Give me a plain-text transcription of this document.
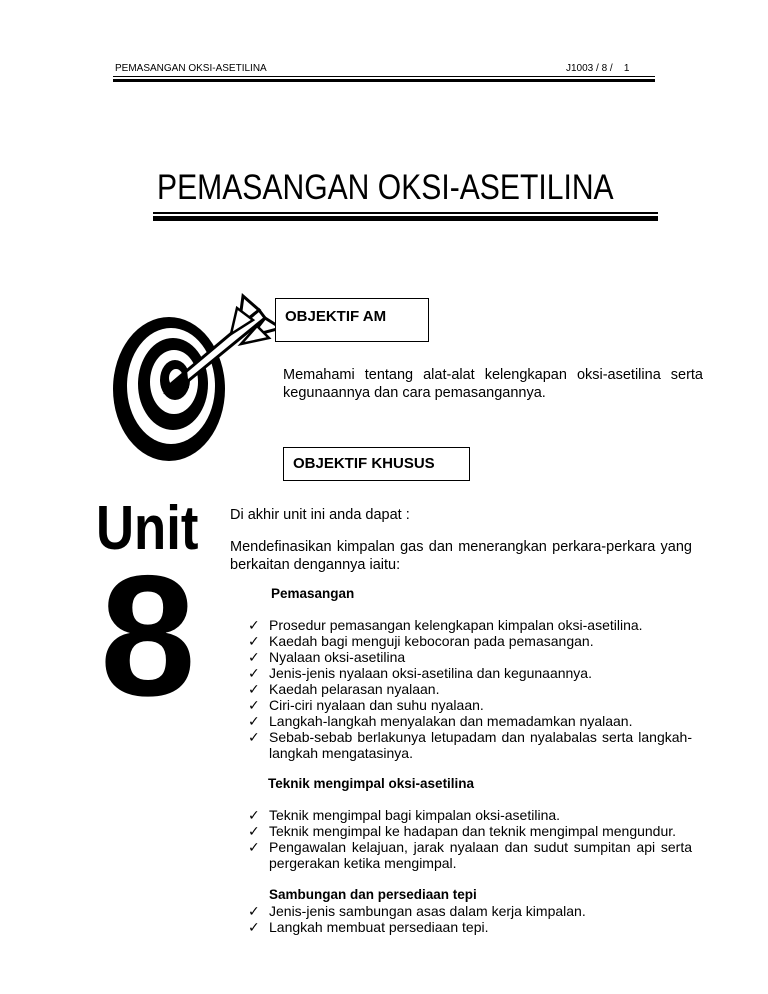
PEMASANGAN OKSI-ASETILINA	J1003 / 8 /    1
PEMASANGAN OKSI-ASETILINA
OBJEKTIF AM
Memahami tentang alat-alat kelengkapan oksi-asetilina serta kegunaannya dan cara pemasangannya.
OBJEKTIF KHUSUS
Unit
8
Di akhir unit ini anda dapat :
Mendefinasikan kimpalan gas dan menerangkan perkara-perkara yang berkaitan dengannya iaitu:
Pemasangan
✓ Prosedur pemasangan kelengkapan kimpalan oksi-asetilina.
✓ Kaedah bagi menguji kebocoran pada pemasangan.
✓ Nyalaan oksi-asetilina
✓ Jenis-jenis nyalaan oksi-asetilina dan kegunaannya.
✓ Kaedah pelarasan nyalaan.
✓ Ciri-ciri nyalaan dan suhu nyalaan.
✓ Langkah-langkah menyalakan dan memadamkan nyalaan.
✓ Sebab-sebab berlakunya letupadam dan nyalabalas serta langkah-langkah mengatasinya.
Teknik mengimpal oksi-asetilina
✓ Teknik mengimpal bagi kimpalan oksi-asetilina.
✓ Teknik mengimpal ke hadapan dan teknik mengimpal mengundur.
✓ Pengawalan kelajuan, jarak nyalaan dan sudut sumpitan api serta pergerakan ketika mengimpal.
Sambungan dan persediaan tepi
✓ Jenis-jenis sambungan asas dalam kerja kimpalan.
✓ Langkah membuat persediaan tepi.
